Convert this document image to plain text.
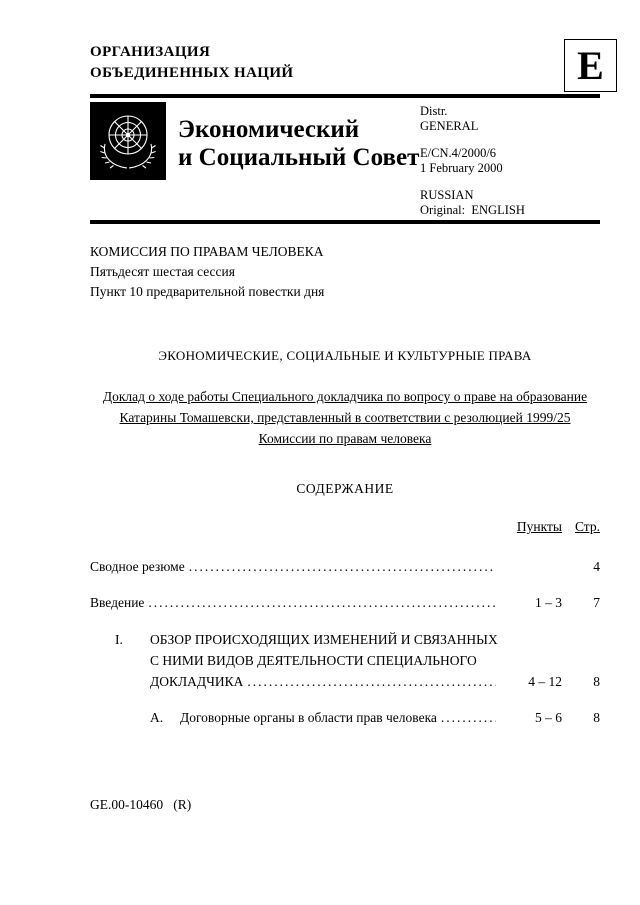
ОРГАНИЗАЦИЯ
ОБЪЕДИНЕННЫХ НАЦИЙ	E
Экономический
и Социальный Совет
Distr.
GENERAL
E/CN.4/2000/6
1 February 2000
RUSSIAN
Original:  ENGLISH
КОМИССИЯ ПО ПРАВАМ ЧЕЛОВЕКА
Пятьдесят шестая сессия
Пункт 10 предварительной повестки дня
ЭКОНОМИЧЕСКИЕ, СОЦИАЛЬНЫЕ И КУЛЬТУРНЫЕ ПРАВА
Доклад о ходе работы Специального докладчика по вопросу о праве на образование
Катарины Томашевски, представленный в соответствии с резолюцией 1999/25
Комиссии по правам человека
СОДЕРЖАНИЕ
Пункты Стр.
Сводное резюме .....	4
Введение .....	1 – 3	7
I.	ОБЗОР ПРОИСХОДЯЩИХ ИЗМЕНЕНИЙ И СВЯЗАННЫХ
С НИМИ ВИДОВ ДЕЯТЕЛЬНОСТИ СПЕЦИАЛЬНОГО
ДОКЛАДЧИКА .....	4 – 12	8
A.	Договорные органы в области прав человека .....	5 – 6	8
GE.00-10460   (R)
